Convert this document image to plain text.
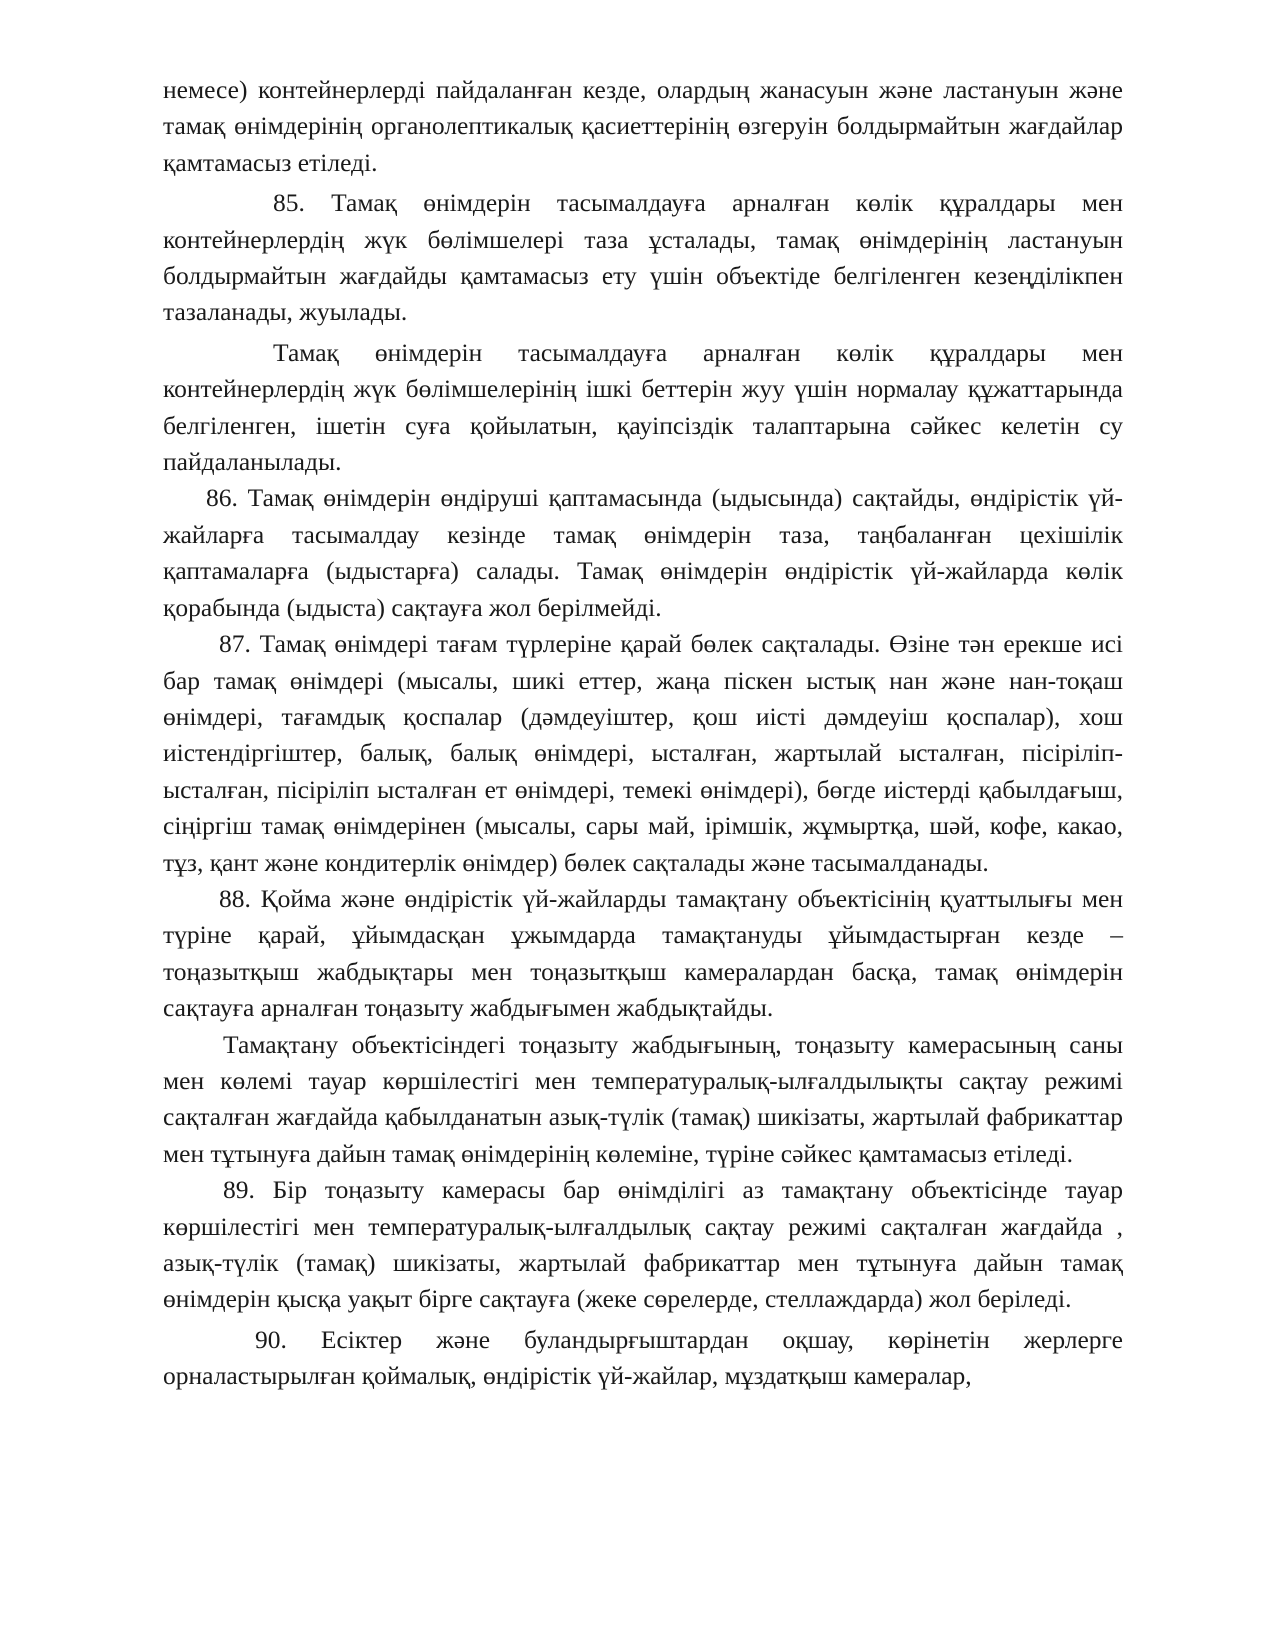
немесе) контейнерлерді пайдаланған кезде, олардың жанасуын және ластануын және тамақ өнімдерінің органолептикалық қасиеттерінің өзгеруін болдырмайтын жағдайлар қамтамасыз етіледі.

85. Тамақ өнімдерін тасымалдауға арналған көлік құралдары мен контейнерлердің жүк бөлімшелері таза ұсталады, тамақ өнімдерінің ластануын болдырмайтын жағдайды қамтамасыз ету үшін объектіде белгіленген кезеңділікпен тазаланады, жуылады.

Тамақ өнімдерін тасымалдауға арналған көлік құралдары мен контейнерлердің жүк бөлімшелерінің ішкі беттерін жуу үшін нормалау құжаттарында белгіленген, ішетін суға қойылатын, қауіпсіздік талаптарына сәйкес келетін су пайдаланылады.

86. Тамақ өнімдерін өндіруші қаптамасында (ыдысында) сақтайды, өндірістік үй-жайларға тасымалдау кезінде тамақ өнімдерін таза, таңбаланған цехішілік қаптамаларға (ыдыстарға) салады. Тамақ өнімдерін өндірістік үй-жайларда көлік қорабында (ыдыста) сақтауға жол берілмейді.

87. Тамақ өнімдері тағам түрлеріне қарай бөлек сақталады. Өзіне тән ерекше исі бар тамақ өнімдері (мысалы, шикі еттер, жаңа піскен ыстық нан және нан-тоқаш өнімдері, тағамдық қоспалар (дәмдеуіштер, қош иісті дәмдеуіш қоспалар), хош иістендіргіштер, балық, балық өнімдері, ысталған, жартылай ысталған, пісіріліп-ысталған, пісіріліп ысталған ет өнімдері, темекі өнімдері), бөгде иістерді қабылдағыш, сіңіргіш тамақ өнімдерінен (мысалы, сары май, ірімшік, жұмыртқа, шәй, кофе, какао, тұз, қант және кондитерлік өнімдер) бөлек сақталады және тасымалданады.

88. Қойма және өндірістік үй-жайларды тамақтану объектісінің қуаттылығы мен түріне қарай, ұйымдасқан ұжымдарда тамақтануды ұйымдастырған кезде – тоңазытқыш жабдықтары мен тоңазытқыш камералардан басқа, тамақ өнімдерін сақтауға арналған тоңазыту жабдығымен жабдықтайды.

Тамақтану объектісіндегі тоңазыту жабдығының, тоңазыту камерасының саны мен көлемі тауар көршілестігі мен температуралық-ылғалдылықты сақтау режимі сақталған жағдайда қабылданатын азық-түлік (тамақ) шикізаты, жартылай фабрикаттар мен тұтынуға дайын тамақ өнімдерінің көлеміне, түріне сәйкес қамтамасыз етіледі.

89. Бір тоңазыту камерасы бар өнімділігі аз тамақтану объектісінде тауар көршілестігі мен температуралық-ылғалдылық сақтау режимі сақталған жағдайда , азық-түлік (тамақ) шикізаты, жартылай фабрикаттар мен тұтынуға дайын тамақ өнімдерін қысқа уақыт бірге сақтауға (жеке сөрелерде, стеллаждарда) жол беріледі.

90. Есіктер және буландырғыштардан оқшау, көрінетін жерлерге орналастырылған қоймалық, өндірістік үй-жайлар, мұздатқыш камералар,
